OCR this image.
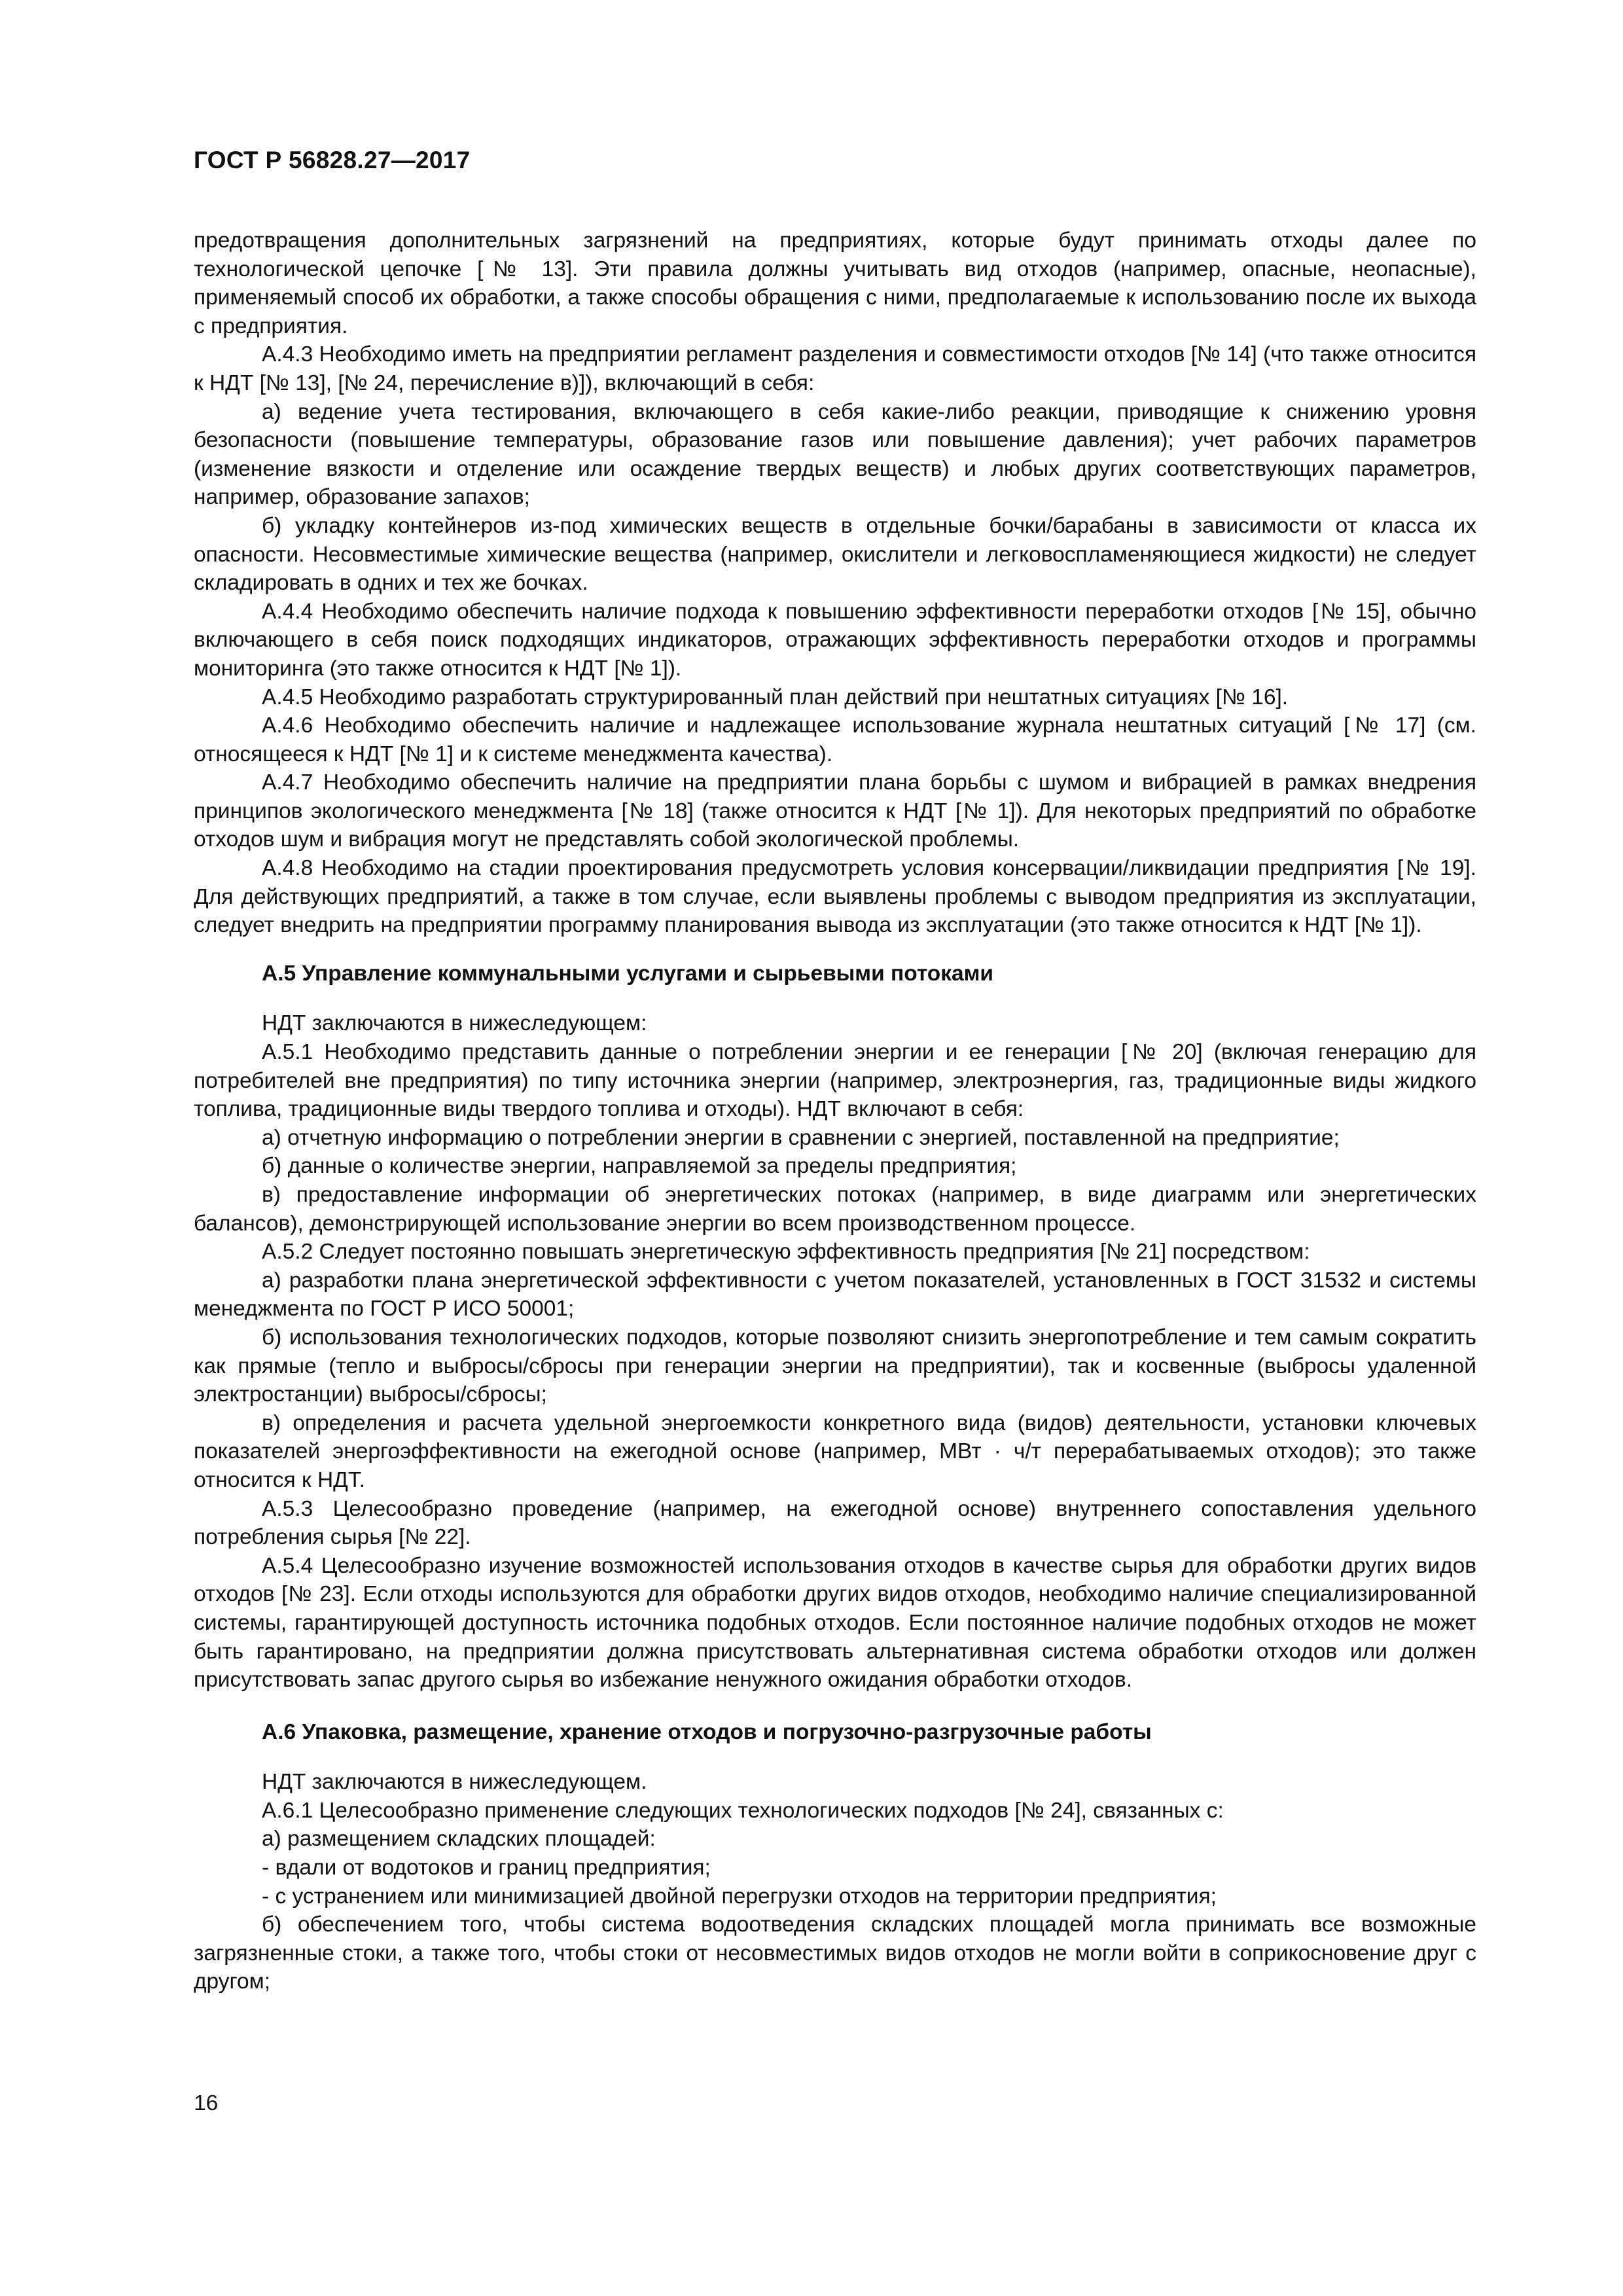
ГОСТ Р 56828.27—2017

предотвращения дополнительных загрязнений на предприятиях, которые будут принимать отходы далее по технологической цепочке [№ 13]. Эти правила должны учитывать вид отходов (например, опасные, неопасные), применяемый способ их обработки, а также способы обращения с ними, предполагаемые к использованию после их выхода с предприятия.

А.4.3 Необходимо иметь на предприятии регламент разделения и совместимости отходов [№ 14] (что также относится к НДТ [№ 13], [№ 24, перечисление в)]), включающий в себя:

а) ведение учета тестирования, включающего в себя какие-либо реакции, приводящие к снижению уровня безопасности (повышение температуры, образование газов или повышение давления); учет рабочих параметров (изменение вязкости и отделение или осаждение твердых веществ) и любых других соответствующих параметров, например, образование запахов;

б) укладку контейнеров из-под химических веществ в отдельные бочки/барабаны в зависимости от класса их опасности. Несовместимые химические вещества (например, окислители и легковоспламеняющиеся жидкости) не следует складировать в одних и тех же бочках.

А.4.4 Необходимо обеспечить наличие подхода к повышению эффективности переработки отходов [№ 15], обычно включающего в себя поиск подходящих индикаторов, отражающих эффективность переработки отходов и программы мониторинга (это также относится к НДТ [№ 1]).

А.4.5 Необходимо разработать структурированный план действий при нештатных ситуациях [№ 16].

А.4.6 Необходимо обеспечить наличие и надлежащее использование журнала нештатных ситуаций [№ 17] (см. относящееся к НДТ [№ 1] и к системе менеджмента качества).

А.4.7 Необходимо обеспечить наличие на предприятии плана борьбы с шумом и вибрацией в рамках внедрения принципов экологического менеджмента [№ 18] (также относится к НДТ [№ 1]). Для некоторых предприятий по обработке отходов шум и вибрация могут не представлять собой экологической проблемы.

А.4.8 Необходимо на стадии проектирования предусмотреть условия консервации/ликвидации предприятия [№ 19]. Для действующих предприятий, а также в том случае, если выявлены проблемы с выводом предприятия из эксплуатации, следует внедрить на предприятии программу планирования вывода из эксплуатации (это также относится к НДТ [№ 1]).

А.5 Управление коммунальными услугами и сырьевыми потоками

НДТ заключаются в нижеследующем:

А.5.1 Необходимо представить данные о потреблении энергии и ее генерации [№ 20] (включая генерацию для потребителей вне предприятия) по типу источника энергии (например, электроэнергия, газ, традиционные виды жидкого топлива, традиционные виды твердого топлива и отходы). НДТ включают в себя:

а) отчетную информацию о потреблении энергии в сравнении с энергией, поставленной на предприятие;

б) данные о количестве энергии, направляемой за пределы предприятия;

в) предоставление информации об энергетических потоках (например, в виде диаграмм или энергетических балансов), демонстрирующей использование энергии во всем производственном процессе.

А.5.2 Следует постоянно повышать энергетическую эффективность предприятия [№ 21] посредством:

а) разработки плана энергетической эффективности с учетом показателей, установленных в ГОСТ 31532 и системы менеджмента по ГОСТ Р ИСО 50001;

б) использования технологических подходов, которые позволяют снизить энергопотребление и тем самым сократить как прямые (тепло и выбросы/сбросы при генерации энергии на предприятии), так и косвенные (выбросы удаленной электростанции) выбросы/сбросы;

в) определения и расчета удельной энергоемкости конкретного вида (видов) деятельности, установки ключевых показателей энергоэффективности на ежегодной основе (например, МВт · ч/т перерабатываемых отходов); это также относится к НДТ.

А.5.3 Целесообразно проведение (например, на ежегодной основе) внутреннего сопоставления удельного потребления сырья [№ 22].

А.5.4 Целесообразно изучение возможностей использования отходов в качестве сырья для обработки других видов отходов [№ 23]. Если отходы используются для обработки других видов отходов, необходимо наличие специализированной системы, гарантирующей доступность источника подобных отходов. Если постоянное наличие подобных отходов не может быть гарантировано, на предприятии должна присутствовать альтернативная система обработки отходов или должен присутствовать запас другого сырья во избежание ненужного ожидания обработки отходов.

А.6 Упаковка, размещение, хранение отходов и погрузочно-разгрузочные работы

НДТ заключаются в нижеследующем.

А.6.1 Целесообразно применение следующих технологических подходов [№ 24], связанных с:

а) размещением складских площадей:

- вдали от водотоков и границ предприятия;

- с устранением или минимизацией двойной перегрузки отходов на территории предприятия;

б) обеспечением того, чтобы система водоотведения складских площадей могла принимать все возможные загрязненные стоки, а также того, чтобы стоки от несовместимых видов отходов не могли войти в соприкосновение друг с другом;

16
